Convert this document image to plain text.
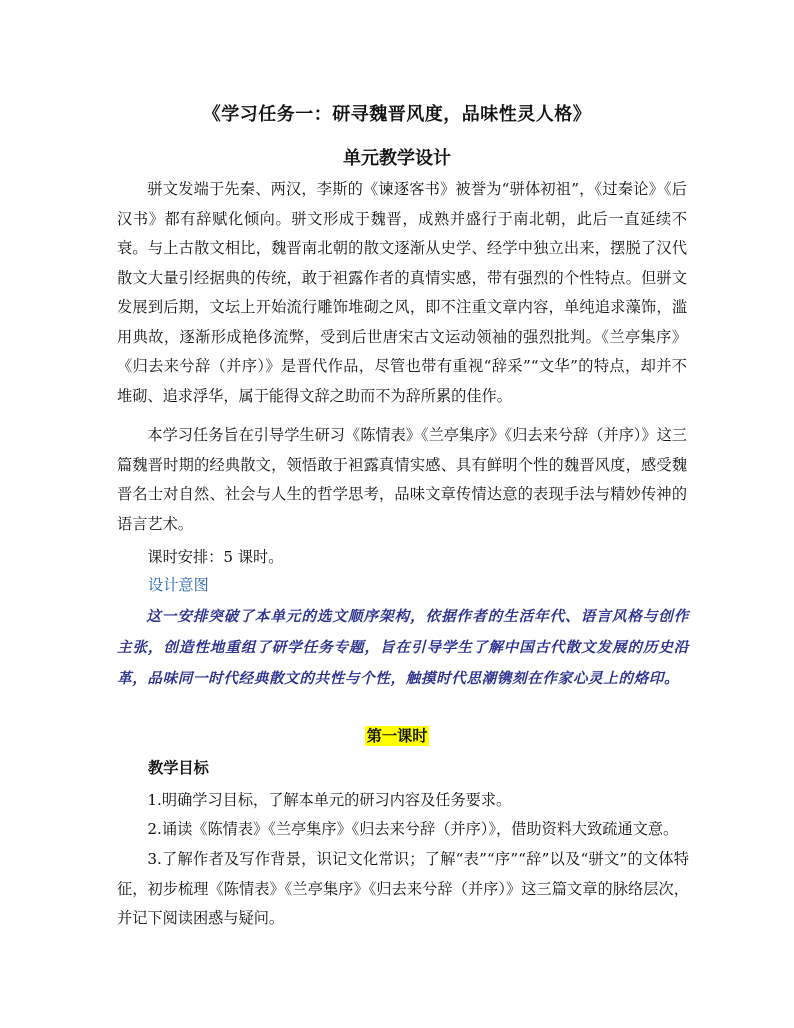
《学习任务一：研寻魏晋风度，品味性灵人格》
单元教学设计

骈文发端于先秦、两汉，李斯的《谏逐客书》被誉为“骈体初祖”，《过秦论》《后汉书》都有辞赋化倾向。骈文形成于魏晋，成熟并盛行于南北朝，此后一直延续不衰。与上古散文相比，魏晋南北朝的散文逐渐从史学、经学中独立出来，摆脱了汉代散文大量引经据典的传统，敢于袒露作者的真情实感，带有强烈的个性特点。但骈文发展到后期，文坛上开始流行雕饰堆砌之风，即不注重文章内容，单纯追求藻饰，滥用典故，逐渐形成艳侈流弊，受到后世唐宋古文运动领袖的强烈批判。《兰亭集序》《归去来兮辞（并序）》是晋代作品，尽管也带有重视“辞采”“文华”的特点，却并不堆砌、追求浮华，属于能得文辞之助而不为辞所累的佳作。

本学习任务旨在引导学生研习《陈情表》《兰亭集序》《归去来兮辞（并序）》这三篇魏晋时期的经典散文，领悟敢于袒露真情实感、具有鲜明个性的魏晋风度，感受魏晋名士对自然、社会与人生的哲学思考，品味文章传情达意的表现手法与精妙传神的语言艺术。

课时安排：5 课时。

设计意图

这一安排突破了本单元的选文顺序架构，依据作者的生活年代、语言风格与创作主张，创造性地重组了研学任务专题，旨在引导学生了解中国古代散文发展的历史沿革，品味同一时代经典散文的共性与个性，触摸时代思潮镌刻在作家心灵上的烙印。

第一课时
教学目标

1.明确学习目标，了解本单元的研习内容及任务要求。

2.诵读《陈情表》《兰亭集序》《归去来兮辞（并序）》，借助资料大致疏通文意。

3.了解作者及写作背景，识记文化常识；了解“表”“序”“辞”以及“骈文”的文体特征，初步梳理《陈情表》《兰亭集序》《归去来兮辞（并序）》这三篇文章的脉络层次，并记下阅读困惑与疑问。
